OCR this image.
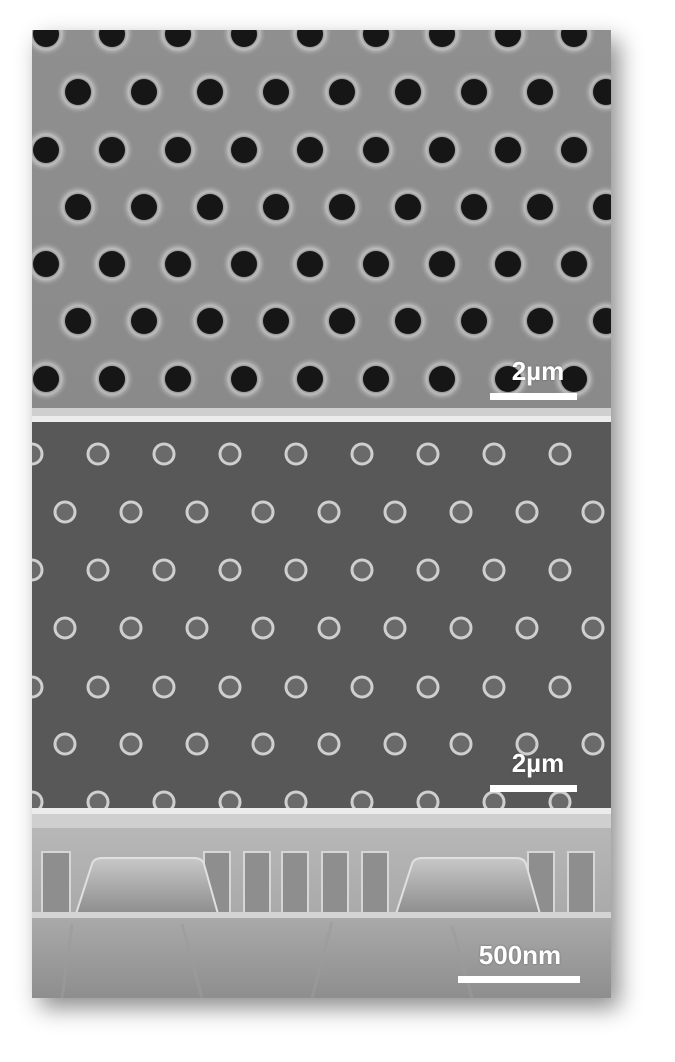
2µm
2µm
500nm
